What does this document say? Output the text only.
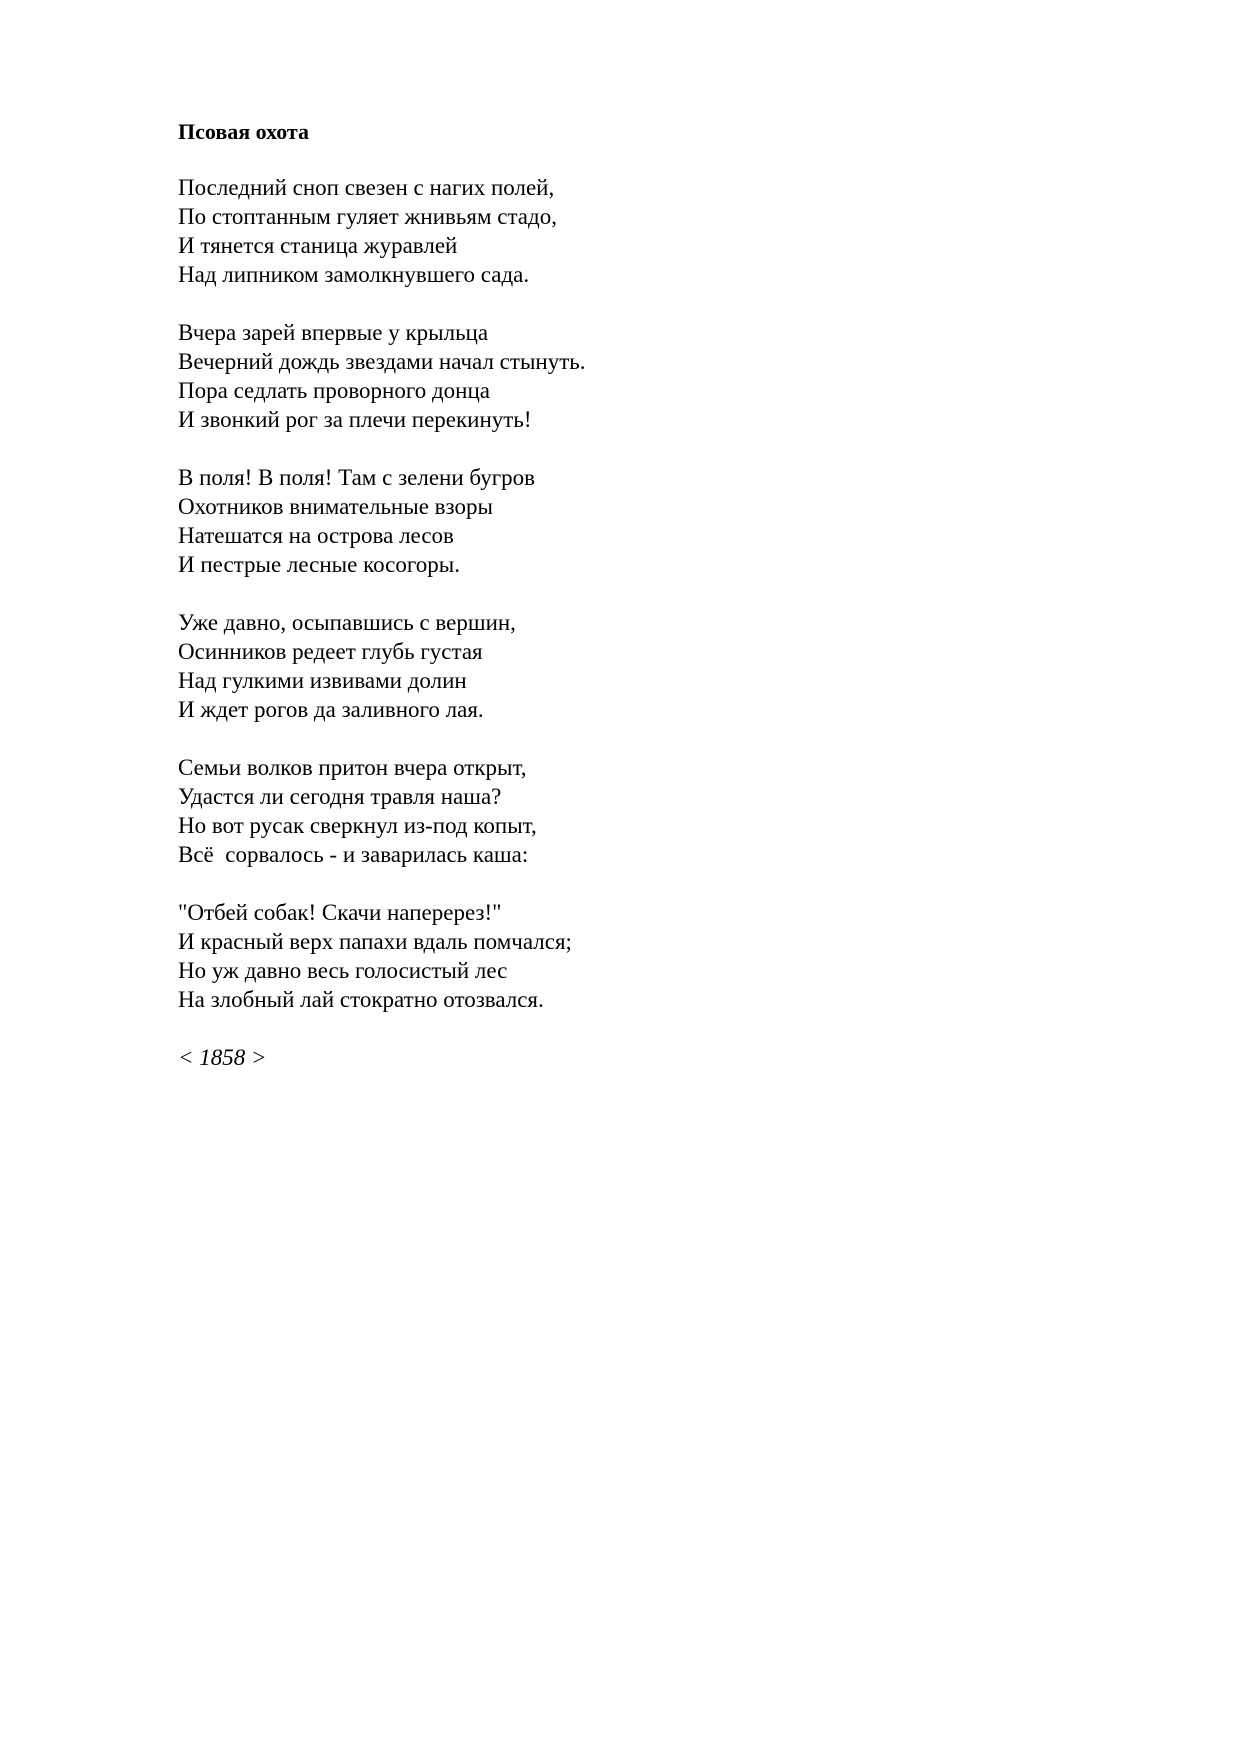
Псовая охота
Последний сноп свезен с нагих полей,
По стоптанным гуляет жнивьям стадо,
И тянется станица журавлей
Над липником замолкнувшего сада.
Вчера зарей впервые у крыльца
Вечерний дождь звездами начал стынуть.
Пора седлать проворного донца
И звонкий рог за плечи перекинуть!
В поля! В поля! Там с зелени бугров
Охотников внимательные взоры
Натешатся на острова лесов
И пестрые лесные косогоры.
Уже давно, осыпавшись с вершин,
Осинников редеет глубь густая
Над гулкими извивами долин
И ждет рогов да заливного лая.
Семьи волков притон вчера открыт,
Удастся ли сегодня травля наша?
Но вот русак сверкнул из-под копыт,
Всё  сорвалось - и заварилась каша:
"Отбей собак! Скачи наперерез!"
И красный верх папахи вдаль помчался;
Но уж давно весь голосистый лес
На злобный лай стократно отозвался.
< 1858 >
